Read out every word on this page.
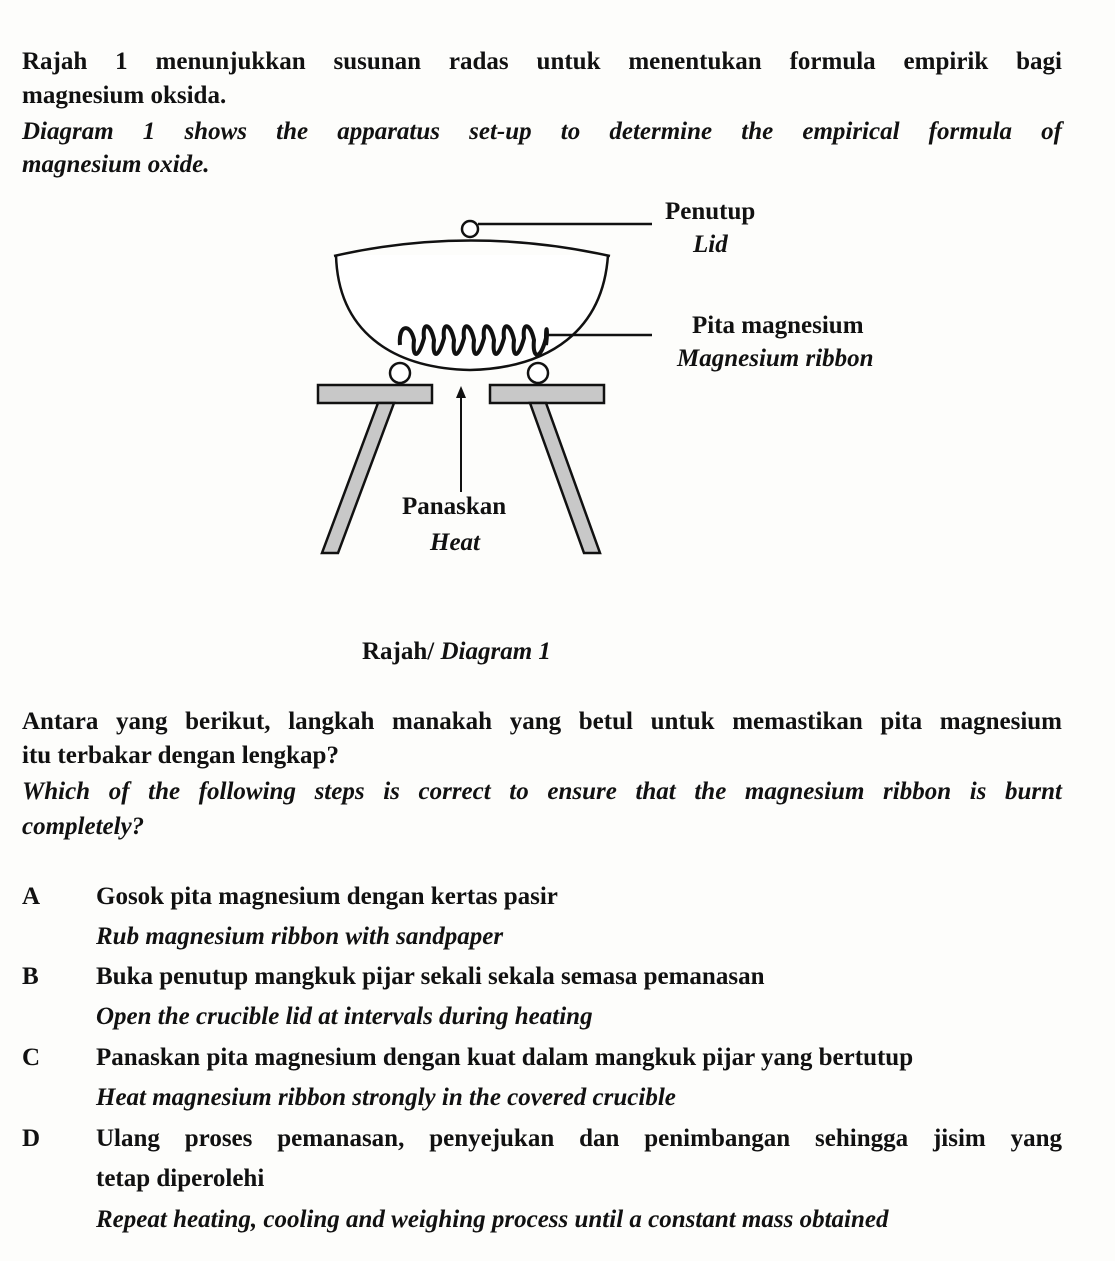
Rajah 1 menunjukkan susunan radas untuk menentukan formula empirik bagi
magnesium oksida.
Diagram 1 shows the apparatus set-up to determine the empirical formula of
magnesium oxide.
Penutup
Lid
Pita magnesium
Magnesium ribbon
Panaskan
Heat
Rajah/ Diagram 1
Antara yang berikut, langkah manakah yang betul untuk memastikan pita magnesium
itu terbakar dengan lengkap?
Which of the following steps is correct to ensure that the magnesium ribbon is burnt
completely?
A Gosok pita magnesium dengan kertas pasir
Rub magnesium ribbon with sandpaper
B Buka penutup mangkuk pijar sekali sekala semasa pemanasan
Open the crucible lid at intervals during heating
C Panaskan pita magnesium dengan kuat dalam mangkuk pijar yang bertutup
Heat magnesium ribbon strongly in the covered crucible
D Ulang proses pemanasan, penyejukan dan penimbangan sehingga jisim yang
tetap diperolehi
Repeat heating, cooling and weighing process until a constant mass obtained
